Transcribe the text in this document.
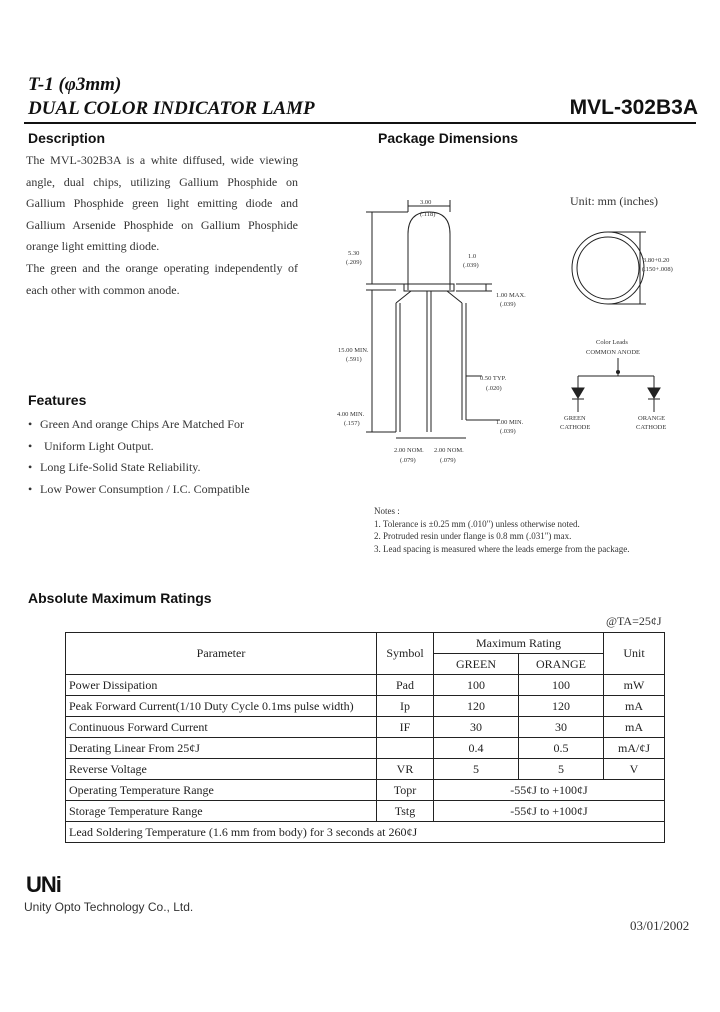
T-1 (φ3mm)
DUAL COLOR INDICATOR LAMP	MVL-302B3A
Description

The MVL-302B3A is a white diffused, wide viewing angle, dual chips, utilizing Gallium Phosphide on Gallium Phosphide green light emitting diode and Gallium Arsenide Phosphide on Gallium Phosphide orange light emitting diode.

The green and the orange operating independently of each other with common anode.

Features
• Green And orange Chips Are Matched For
• Uniform Light Output.
• Long Life-Solid State Reliability.
• Low Power Consumption / I.C. Compatible
Package Dimensions
Unit: mm (inches)
3.00
(.118)
5.30
(.209)
1.0
(.039)
1.00 MAX.
(.039)
15.00 MIN.
(.591)
0.50 TYP.
(.020)
1.00 MIN.
(.039)
4.00 MIN.
(.157)
2.00 NOM.
(.079)
2.00 NOM.
(.079)
3.80+0.20
(.150+.008)
Color Leads
COMMON ANODE
GREEN
CATHODE
ORANGE
CATHODE
Notes :
1. Tolerance is ±0.25 mm (.010") unless otherwise noted.
2. Protruded resin under flange is 0.8 mm (.031") max.
3. Lead spacing is measured where the leads emerge from the package.
Absolute Maximum Ratings
@TA=25¢J
Parameter	Symbol	Maximum Rating		Unit
		GREEN	ORANGE	
Power Dissipation	Pad	100	100	mW
Peak Forward Current(1/10 Duty Cycle 0.1ms pulse width)	Ip	120	120	mA
Continuous Forward Current	IF	30	30	mA
Derating Linear From 25¢J		0.4	0.5	mA/¢J
Reverse Voltage	VR	5	5	V
Operating Temperature Range	Topr	-55¢J to +100¢J		
Storage Temperature Range	Tstg	-55¢J to +100¢J		
Lead Soldering Temperature (1.6 mm from body) for 3 seconds at 260¢J				
UNi
Unity Opto Technology Co., Ltd.
03/01/2002
